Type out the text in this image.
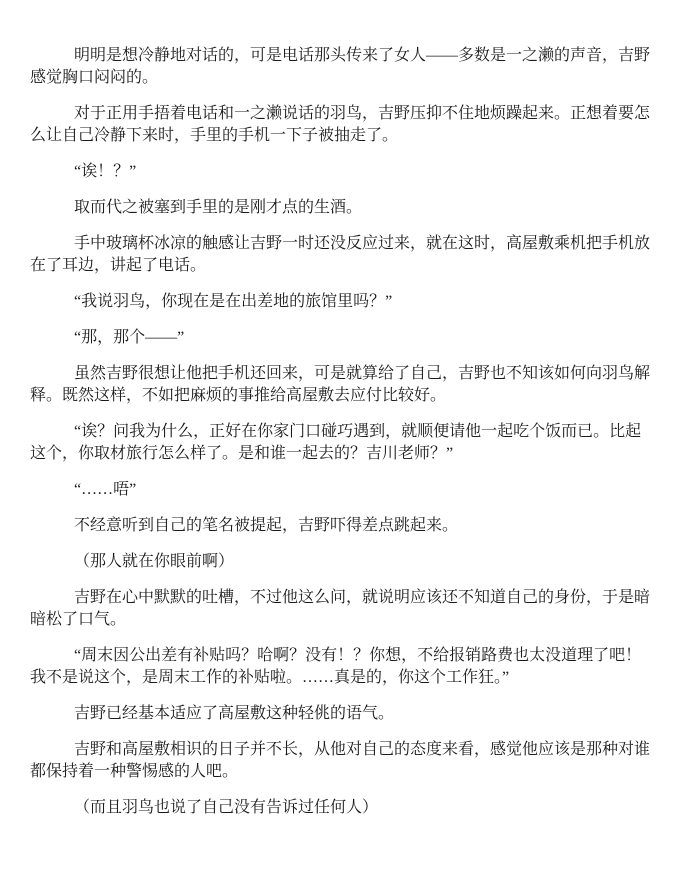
明明是想冷静地对话的，可是电话那头传来了女人——多数是一之濑的声音，吉野感觉胸口闷闷的。

对于正用手捂着电话和一之濑说话的羽鸟，吉野压抑不住地烦躁起来。正想着要怎么让自己冷静下来时，手里的手机一下子被抽走了。

“诶！？”

取而代之被塞到手里的是刚才点的生酒。

手中玻璃杯冰凉的触感让吉野一时还没反应过来，就在这时，高屋敷乘机把手机放在了耳边，讲起了电话。

“我说羽鸟，你现在是在出差地的旅馆里吗？”

“那，那个——”

虽然吉野很想让他把手机还回来，可是就算给了自己，吉野也不知该如何向羽鸟解释。既然这样，不如把麻烦的事推给高屋敷去应付比较好。

“诶？问我为什么，正好在你家门口碰巧遇到，就顺便请他一起吃个饭而已。比起这个，你取材旅行怎么样了。是和谁一起去的？吉川老师？”

“……唔”

不经意听到自己的笔名被提起，吉野吓得差点跳起来。

（那人就在你眼前啊）

吉野在心中默默的吐槽，不过他这么问，就说明应该还不知道自己的身份，于是暗暗松了口气。

“周末因公出差有补贴吗？哈啊？没有！？你想，不给报销路费也太没道理了吧！我不是说这个，是周末工作的补贴啦。……真是的，你这个工作狂。”

吉野已经基本适应了高屋敷这种轻佻的语气。

吉野和高屋敷相识的日子并不长，从他对自己的态度来看，感觉他应该是那种对谁都保持着一种警惕感的人吧。

（而且羽鸟也说了自己没有告诉过任何人）
